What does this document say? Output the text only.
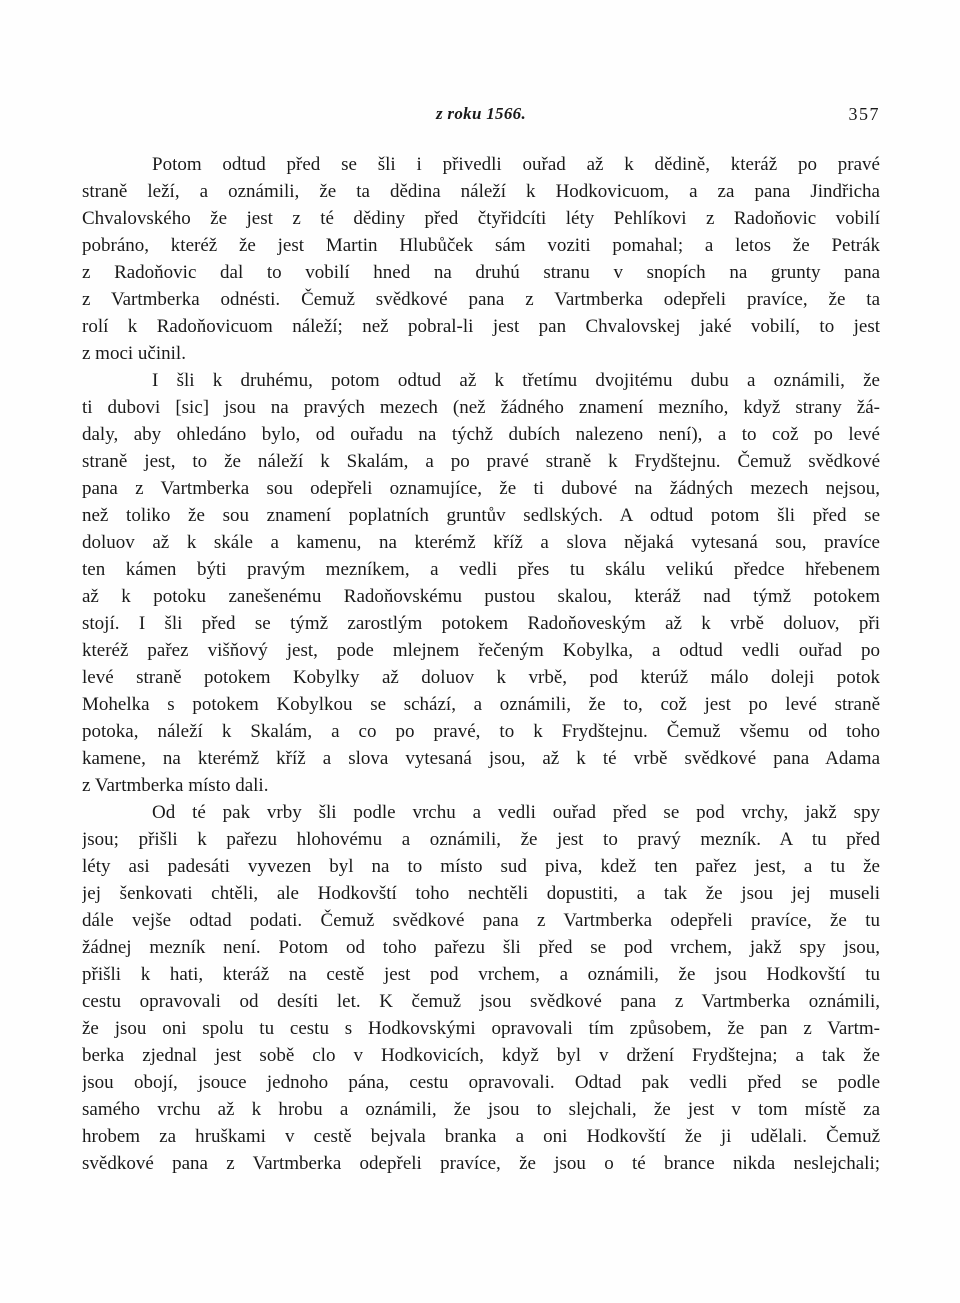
z roku 1566.	357
Potom odtud před se šli i přivedli ouřad až k dědině, kteráž po pravé
straně leží, a oznámili, že ta dědina náleží k Hodkovicuom, a za pana Jindřicha
Chvalovského že jest z té dědiny před čtyřidcíti léty Pehlíkovi z Radoňovic vobilí
pobráno, kteréž že jest Martin Hlubůček sám voziti pomahal; a letos že Petrák
z Radoňovic dal to vobilí hned na druhú stranu v snopích na grunty pana
z Vartmberka odnésti. Čemuž svědkové pana z Vartmberka odepřeli pravíce, že ta
rolí k Radoňovicuom náleží; než pobral-li jest pan Chvalovskej jaké vobilí, to jest
z moci učinil.
I šli k druhému, potom odtud až k třetímu dvojitému dubu a oznámili, že
ti dubovi [sic] jsou na pravých mezech (než žádného znamení mezního, když strany žá-
daly, aby ohledáno bylo, od ouřadu na týchž dubích nalezeno není), a to což po levé
straně jest, to že náleží k Skalám, a po pravé straně k Frydštejnu. Čemuž svědkové
pana z Vartmberka sou odepřeli oznamujíce, že ti dubové na žádných mezech nejsou,
než toliko že sou znamení poplatních gruntův sedlských. A odtud potom šli před se
doluov až k skále a kamenu, na kterémž kříž a slova nějaká vytesaná sou, pravíce
ten kámen býti pravým mezníkem, a vedli přes tu skálu velikú předce hřebenem
až k potoku zanešenému Radoňovskému pustou skalou, kteráž nad týmž potokem
stojí. I šli před se týmž zarostlým potokem Radoňoveským až k vrbě doluov, při
kteréž pařez višňový jest, pode mlejnem řečeným Kobylka, a odtud vedli ouřad po
levé straně potokem Kobylky až doluov k vrbě, pod kterúž málo doleji potok
Mohelka s potokem Kobylkou se schází, a oznámili, že to, což jest po levé straně
potoka, náleží k Skalám, a co po pravé, to k Frydštejnu. Čemuž všemu od toho
kamene, na kterémž kříž a slova vytesaná jsou, až k té vrbě svědkové pana Adama
z Vartmberka místo dali.
Od té pak vrby šli podle vrchu a vedli ouřad před se pod vrchy, jakž spy
jsou; přišli k pařezu hlohovému a oznámili, že jest to pravý mezník. A tu před
léty asi padesáti vyvezen byl na to místo sud piva, kdež ten pařez jest, a tu že
jej šenkovati chtěli, ale Hodkovští toho nechtěli dopustiti, a tak že jsou jej museli
dále vejše odtad podati. Čemuž svědkové pana z Vartmberka odepřeli pravíce, že tu
žádnej mezník není. Potom od toho pařezu šli před se pod vrchem, jakž spy jsou,
přišli k hati, kteráž na cestě jest pod vrchem, a oznámili, že jsou Hodkovští tu
cestu opravovali od desíti let. K čemuž jsou svědkové pana z Vartmberka oznámili,
že jsou oni spolu tu cestu s Hodkovskými opravovali tím způsobem, že pan z Vartm-
berka zjednal jest sobě clo v Hodkovicích, když byl v držení Frydštejna; a tak že
jsou obojí, jsouce jednoho pána, cestu opravovali. Odtad pak vedli před se podle
samého vrchu až k hrobu a oznámili, že jsou to slejchali, že jest v tom místě za
hrobem za hruškami v cestě bejvala branka a oni Hodkovští že ji udělali. Čemuž
svědkové pana z Vartmberka odepřeli pravíce, že jsou o té brance nikda neslejchali;
